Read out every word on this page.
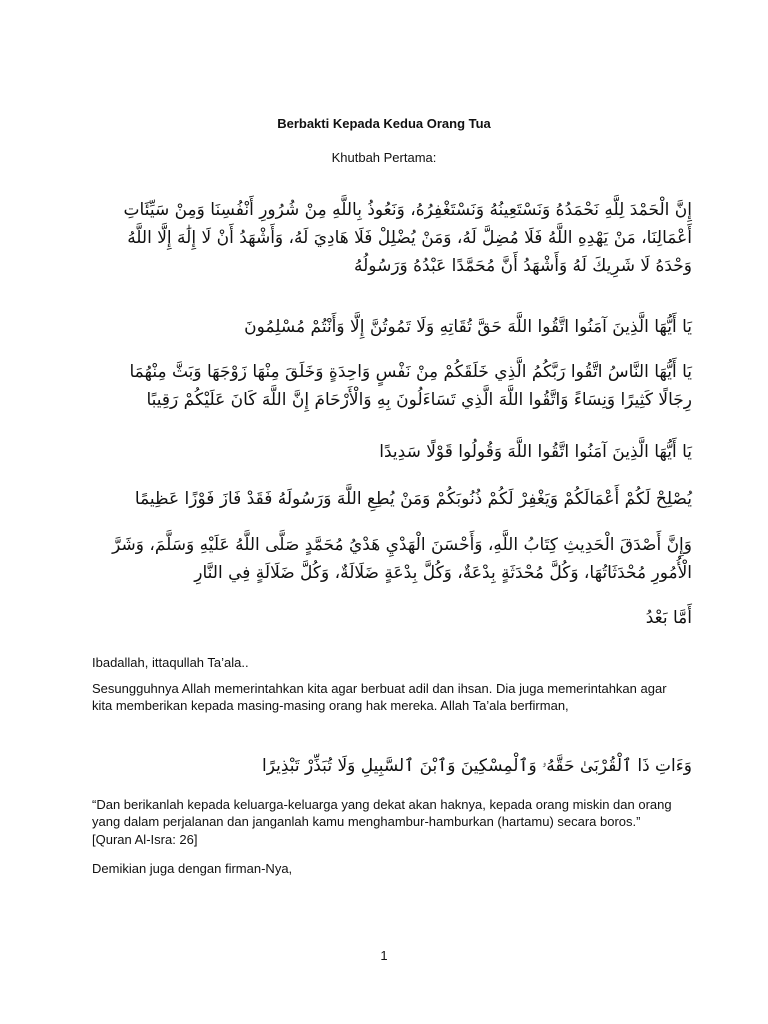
Berbakti Kepada Kedua Orang Tua
Khutbah Pertama:
إِنَّ الْحَمْدَ لِلَّهِ نَحْمَدُهُ وَنَسْتَعِينُهُ وَنَسْتَغْفِرُهُ، وَنَعُوذُ بِاللَّهِ مِنْ شُرُورِ أَنْفُسِنَا وَمِنْ سَيِّئَاتِ أَعْمَالِنَا، مَنْ يَهْدِهِ اللَّهُ فَلَا مُضِلَّ لَهُ، وَمَنْ يُضْلِلْ فَلَا هَادِيَ لَهُ، وَأَشْهَدُ أَنْ لَا إِلَٰهَ إِلَّا اللَّهُ وَحْدَهُ لَا شَرِيكَ لَهُ وَأَشْهَدُ أَنَّ مُحَمَّدًا عَبْدُهُ وَرَسُولُهُ
يَا أَيُّهَا الَّذِينَ آمَنُوا اتَّقُوا اللَّهَ حَقَّ تُقَاتِهِ وَلَا تَمُوتُنَّ إِلَّا وَأَنْتُمْ مُسْلِمُونَ
يَا أَيُّهَا النَّاسُ اتَّقُوا رَبَّكُمُ الَّذِي خَلَقَكُمْ مِنْ نَفْسٍ وَاحِدَةٍ وَخَلَقَ مِنْهَا زَوْجَهَا وَبَثَّ مِنْهُمَا رِجَالًا كَثِيرًا وَنِسَاءً وَاتَّقُوا اللَّهَ الَّذِي تَسَاءَلُونَ بِهِ وَالْأَرْحَامَ إِنَّ اللَّهَ كَانَ عَلَيْكُمْ رَقِيبًا
يَا أَيُّهَا الَّذِينَ آمَنُوا اتَّقُوا اللَّهَ وَقُولُوا قَوْلًا سَدِيدًا
يُصْلِحْ لَكُمْ أَعْمَالَكُمْ وَيَغْفِرْ لَكُمْ ذُنُوبَكُمْ وَمَنْ يُطِعِ اللَّهَ وَرَسُولَهُ فَقَدْ فَازَ فَوْزًا عَظِيمًا
وَإِنَّ أَصْدَقَ الْحَدِيثِ كِتَابُ اللَّهِ، وَأَحْسَنَ الْهَدْيِ هَدْيُ مُحَمَّدٍ صَلَّى اللَّهُ عَلَيْهِ وَسَلَّمَ، وَشَرَّ الْأُمُورِ مُحْدَثَاتُهَا، وَكُلَّ مُحْدَثَةٍ بِدْعَةٌ، وَكُلَّ بِدْعَةٍ ضَلَالَةٌ، وَكُلَّ ضَلَالَةٍ فِي النَّارِ
أَمَّا بَعْدُ
Ibadallah, ittaqullah Ta’ala..
Sesungguhnya Allah memerintahkan kita agar berbuat adil dan ihsan. Dia juga memerintahkan agar kita memberikan kepada masing-masing orang hak mereka. Allah Ta’ala berfirman,
وَءَاتِ ذَا ٱلْقُرْبَىٰ حَقَّهُۥ وَٱلْمِسْكِينَ وَٱبْنَ ٱلسَّبِيلِ وَلَا تُبَذِّرْ تَبْذِيرًا
“Dan berikanlah kepada keluarga-keluarga yang dekat akan haknya, kepada orang miskin dan orang yang dalam perjalanan dan janganlah kamu menghambur-hamburkan (hartamu) secara boros.”
[Quran Al-Isra: 26]
Demikian juga dengan firman-Nya,
1
